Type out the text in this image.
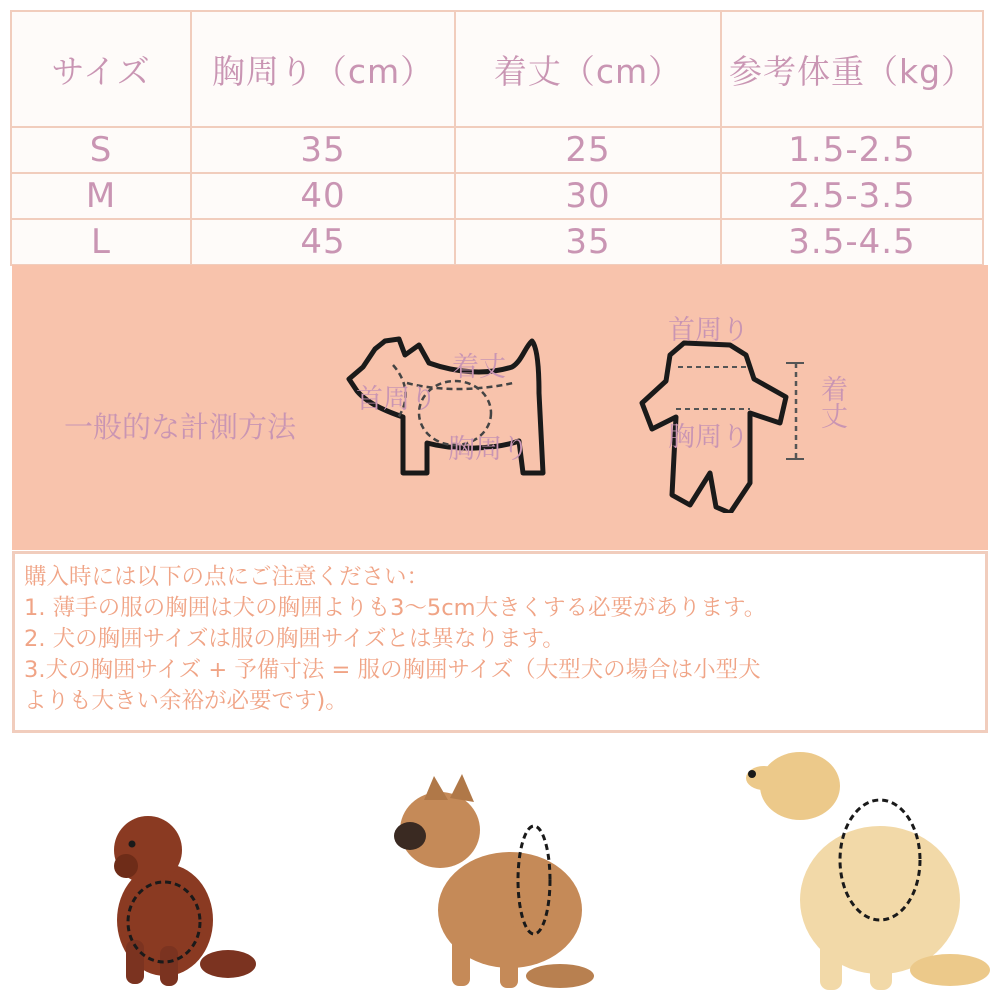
サイズ	胸周り（cm）	着丈（cm）	参考体重（kg）
S	35	25	1.5-2.5
M	40	30	2.5-3.5
L	45	35	3.5-4.5
一般的な計測方法
着丈
首周り
胸周り
首周り
着丈
胸周り
購入時には以下の点にご注意ください：
1. 薄手の服の胸囲は犬の胸囲よりも3～5cm大きくする必要があります。
2. 犬の胸囲サイズは服の胸囲サイズとは異なります。
3.犬の胸囲サイズ + 予備寸法 = 服の胸囲サイズ（大型犬の場合は小型犬
よりも大きい余裕が必要です)。
